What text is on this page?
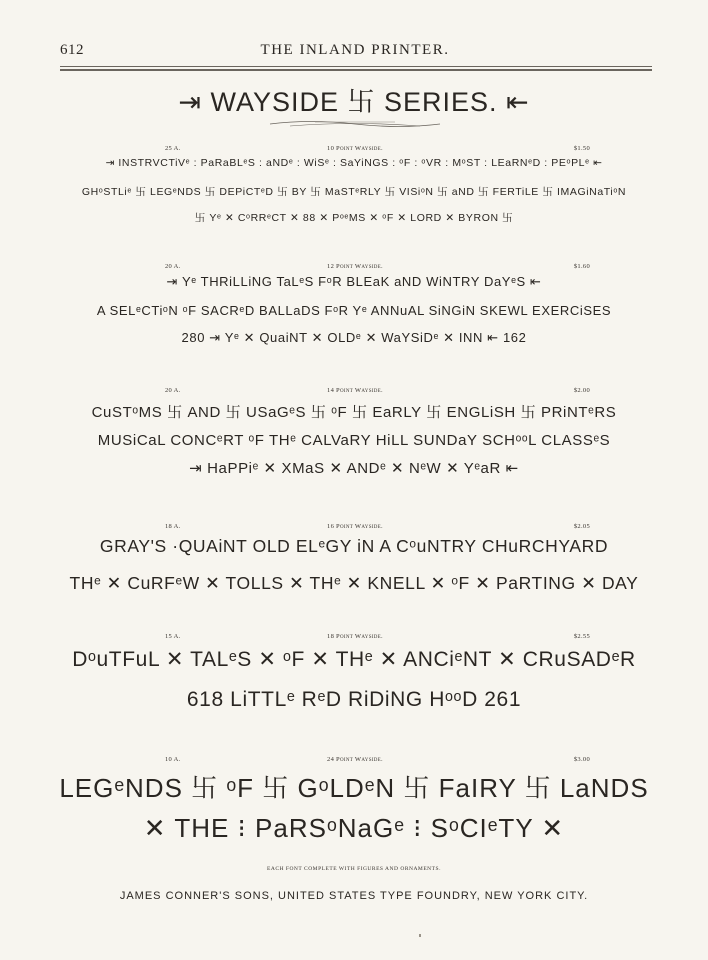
612	THE INLAND PRINTER.
⇥ WAYSIDE 卐 SERIES. ⇤
25 A.	10 Point Wayside.	$1.50
⇥ INSTRVCTiVᵉ : PaRaBLᵉS : aNDᵉ : WiSᵉ : SaYiNGS : ᵒF : ᵒVR : MᵒST : LEaRNᵉD : PEᵒPLᵉ ⇤
GHᵒSTLiᵉ 卐 LEGᵉNDS 卐 DEPiCTᵉD 卐 BY 卐 MaSTᵉRLY 卐 VISiᵒN 卐 aND 卐 FERTiLE 卐 IMAGiNaTiᵒN
卐 Yᵉ ✕ CᵒRRᵉCT ✕ 88 ✕ PᵒᵉMS ✕ ᵒF ✕ LORD ✕ BYRON 卐
20 A.	12 Point Wayside.	$1.60
⇥ Yᵉ THRiLLiNG TaLᵉS FᵒR BLEaK aND WiNTRY DaYᵉS ⇤
A SELᵉCTiᵒN ᵒF SACRᵉD BALLaDS FᵒR Yᵉ ANNuAL SiNGiN SKEWL EXERCiSES
280 ⇥ Yᵉ ✕ QuaiNT ✕ OLDᵉ ✕ WaYSiDᵉ ✕ INN ⇤ 162
20 A.	14 Point Wayside.	$2.00
CuSTᵒMS 卐 AND 卐 USaGᵉS 卐 ᵒF 卐 EaRLY 卐 ENGLiSH 卐 PRiNTᵉRS
MUSiCaL CONCᵉRT ᵒF THᵉ CALVaRY HiLL SUNDaY SCHᵒᵒL CLASSᵉS
⇥ HaPPiᵉ ✕ XMaS ✕ ANDᵉ ✕ NᵉW ✕ YᵉaR ⇤
18 A.	16 Point Wayside.	$2.05
GRAY'S ·QUAiNT OLD ELᵉGY iN A CᵒuNTRY CHuRCHYARD
THᵉ ✕ CuRFᵉW ✕ TOLLS ✕ THᵉ ✕ KNELL ✕ ᵒF ✕ PaRTING ✕ DAY
15 A.	18 Point Wayside.	$2.55
DᵒuTFuL ✕ TALᵉS ✕ ᵒF ✕ THᵉ ✕ ANCiᵉNT ✕ CRuSADᵉR
618 LiTTLᵉ RᵉD RiDiNG HᵒᵒD 261
10 A.	24 Point Wayside.	$3.00
LEGᵉNDS 卐 ᵒF 卐 GᵒLDᵉN 卐 FaIRY 卐 LaNDS
✕ THE ⁝ PaRSᵒNaGᵉ ⁝ SᵒCIᵉTY ✕
EACH FONT COMPLETE WITH FIGURES AND ORNAMENTS.
JAMES CONNER'S SONS, UNITED STATES TYPE FOUNDRY, NEW YORK CITY.
